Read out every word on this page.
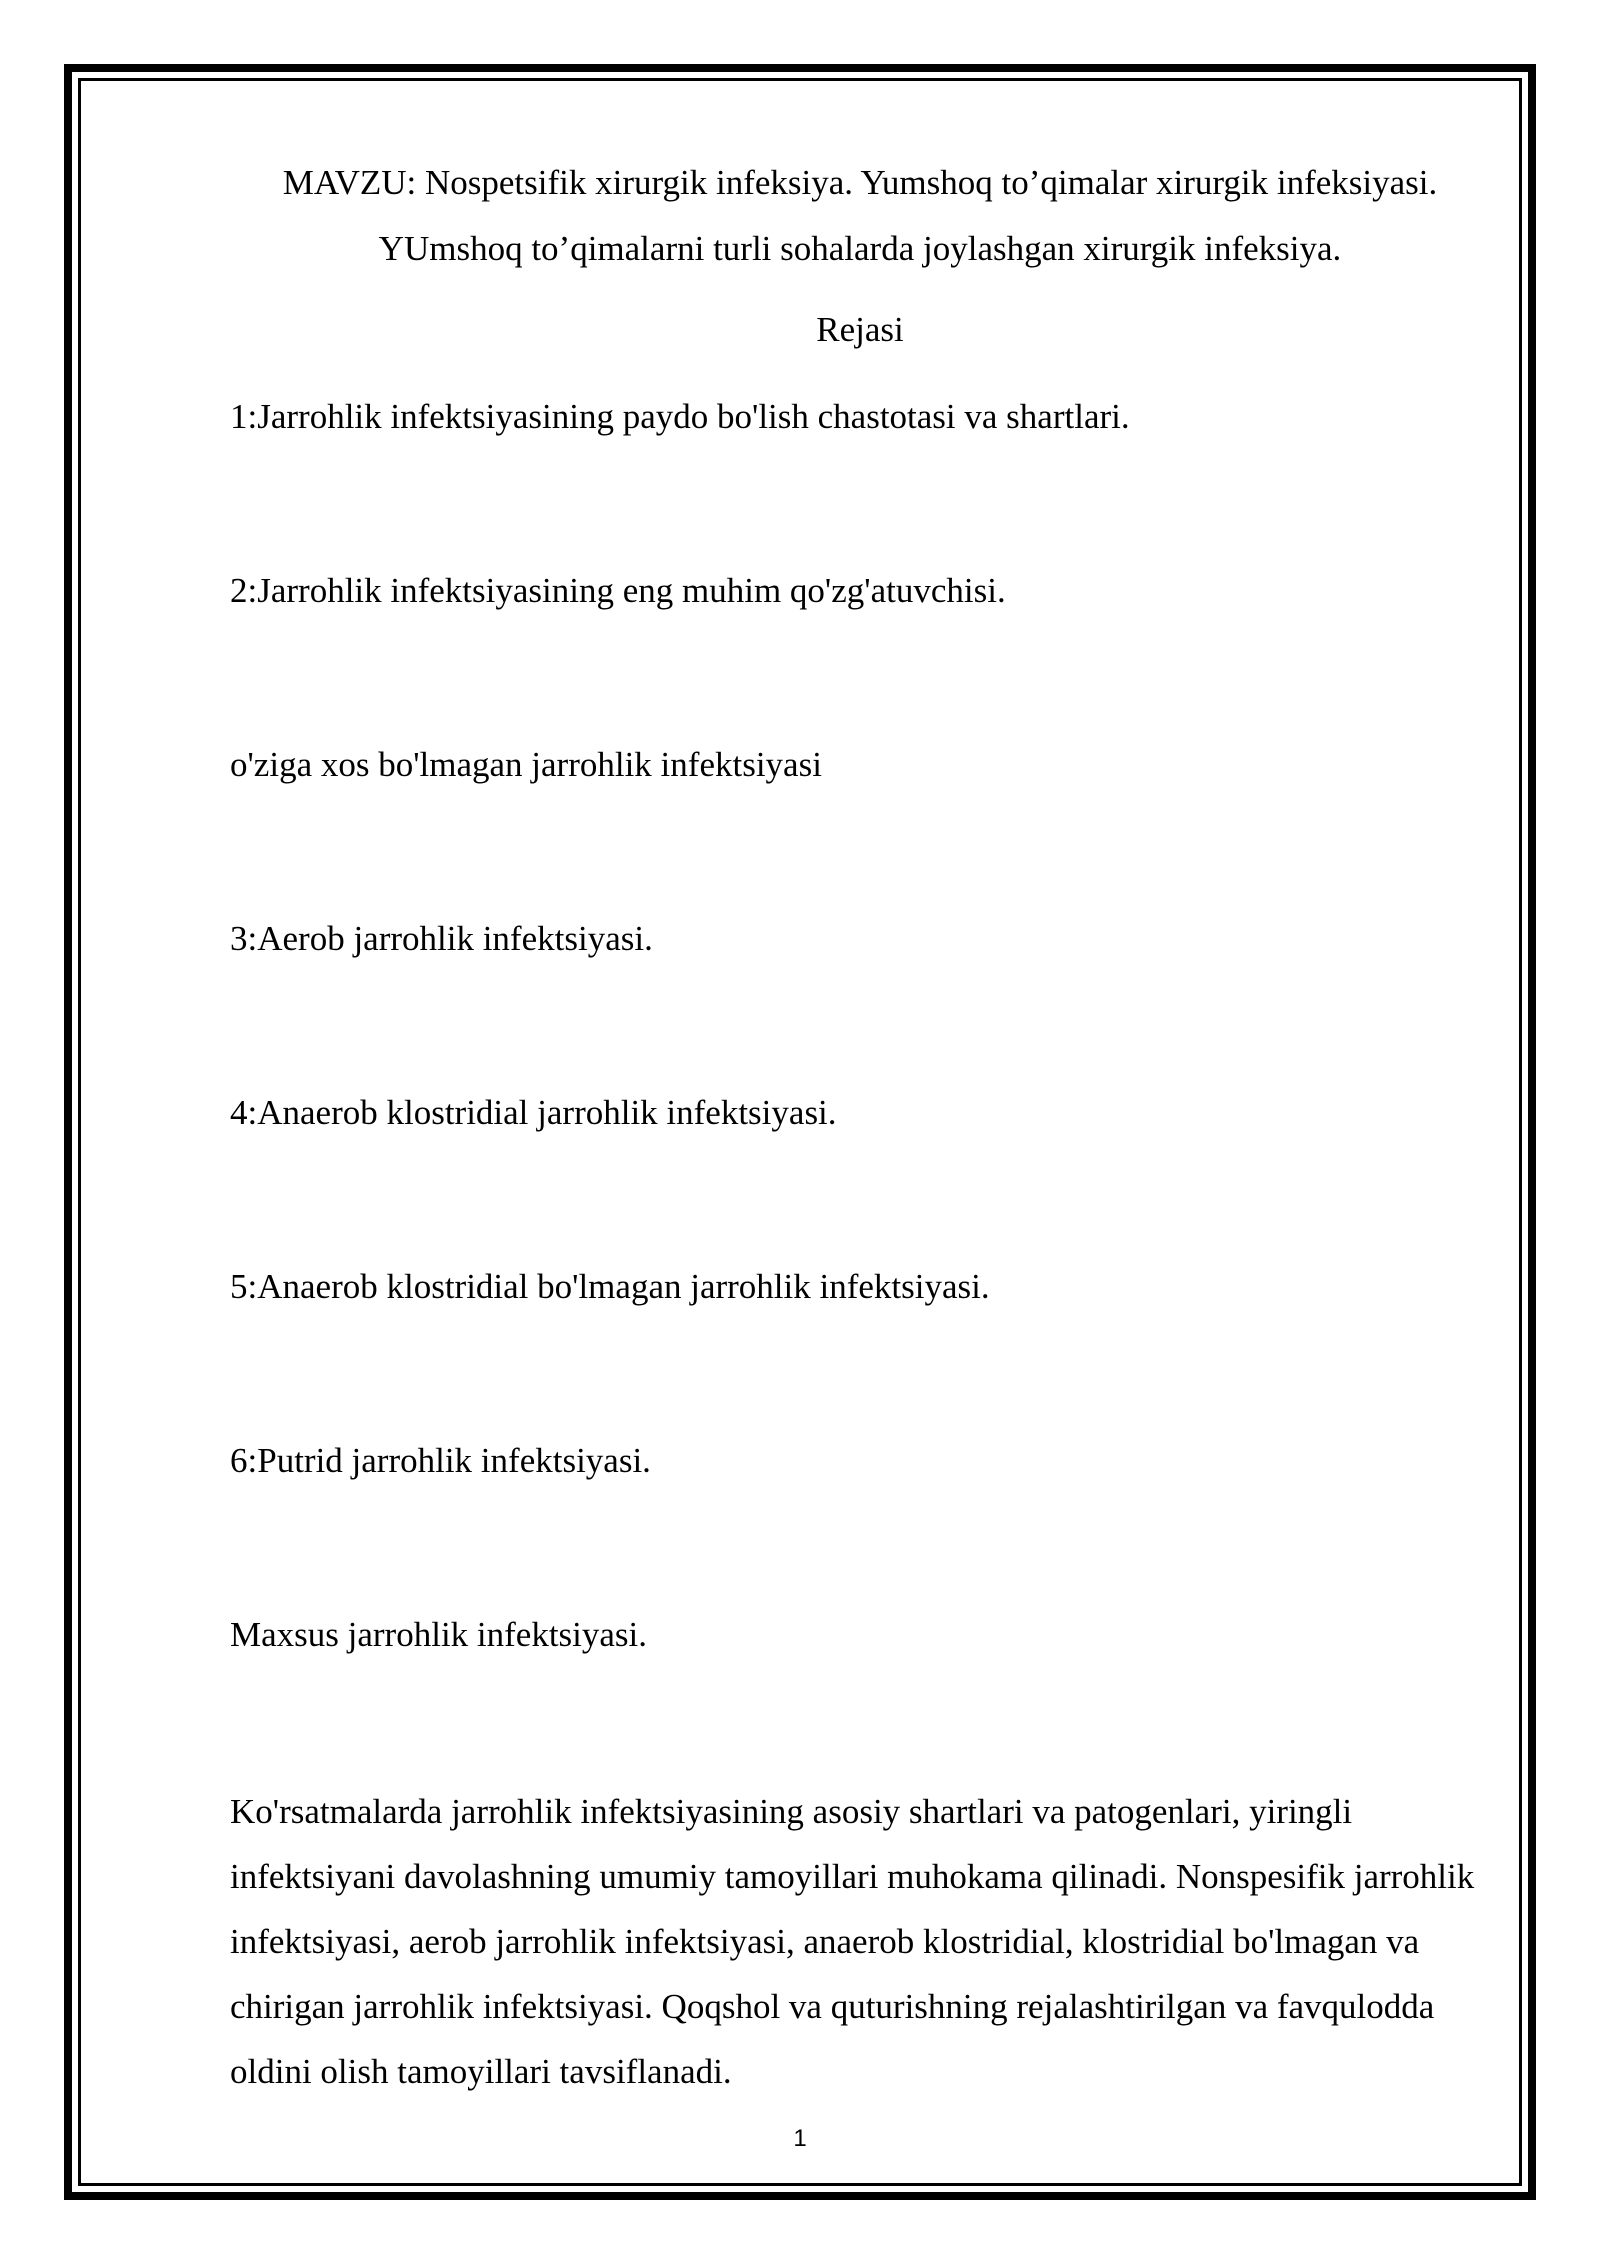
MAVZU: Nospetsifik xirurgik infeksiya. Yumshoq to’qimalar xirurgik infeksiyasi.

YUmshoq to’qimalarni turli sohalarda joylashgan xirurgik infeksiya.

Rejasi

1:Jarrohlik infektsiyasining paydo bo'lish chastotasi va shartlari.
2:Jarrohlik infektsiyasining eng muhim qo'zg'atuvchisi.
o'ziga xos bo'lmagan jarrohlik infektsiyasi
3:Aerob jarrohlik infektsiyasi.
4:Anaerob klostridial jarrohlik infektsiyasi.
5:Anaerob klostridial bo'lmagan jarrohlik infektsiyasi.
6:Putrid jarrohlik infektsiyasi.
Maxsus jarrohlik infektsiyasi.

Ko'rsatmalarda jarrohlik infektsiyasining asosiy shartlari va patogenlari, yiringli infektsiyani davolashning umumiy tamoyillari muhokama qilinadi. Nonspesifik jarrohlik infektsiyasi, aerob jarrohlik infektsiyasi, anaerob klostridial, klostridial bo'lmagan va chirigan jarrohlik infektsiyasi. Qoqshol va quturishning rejalashtirilgan va favqulodda oldini olish tamoyillari tavsiflanadi.

1
